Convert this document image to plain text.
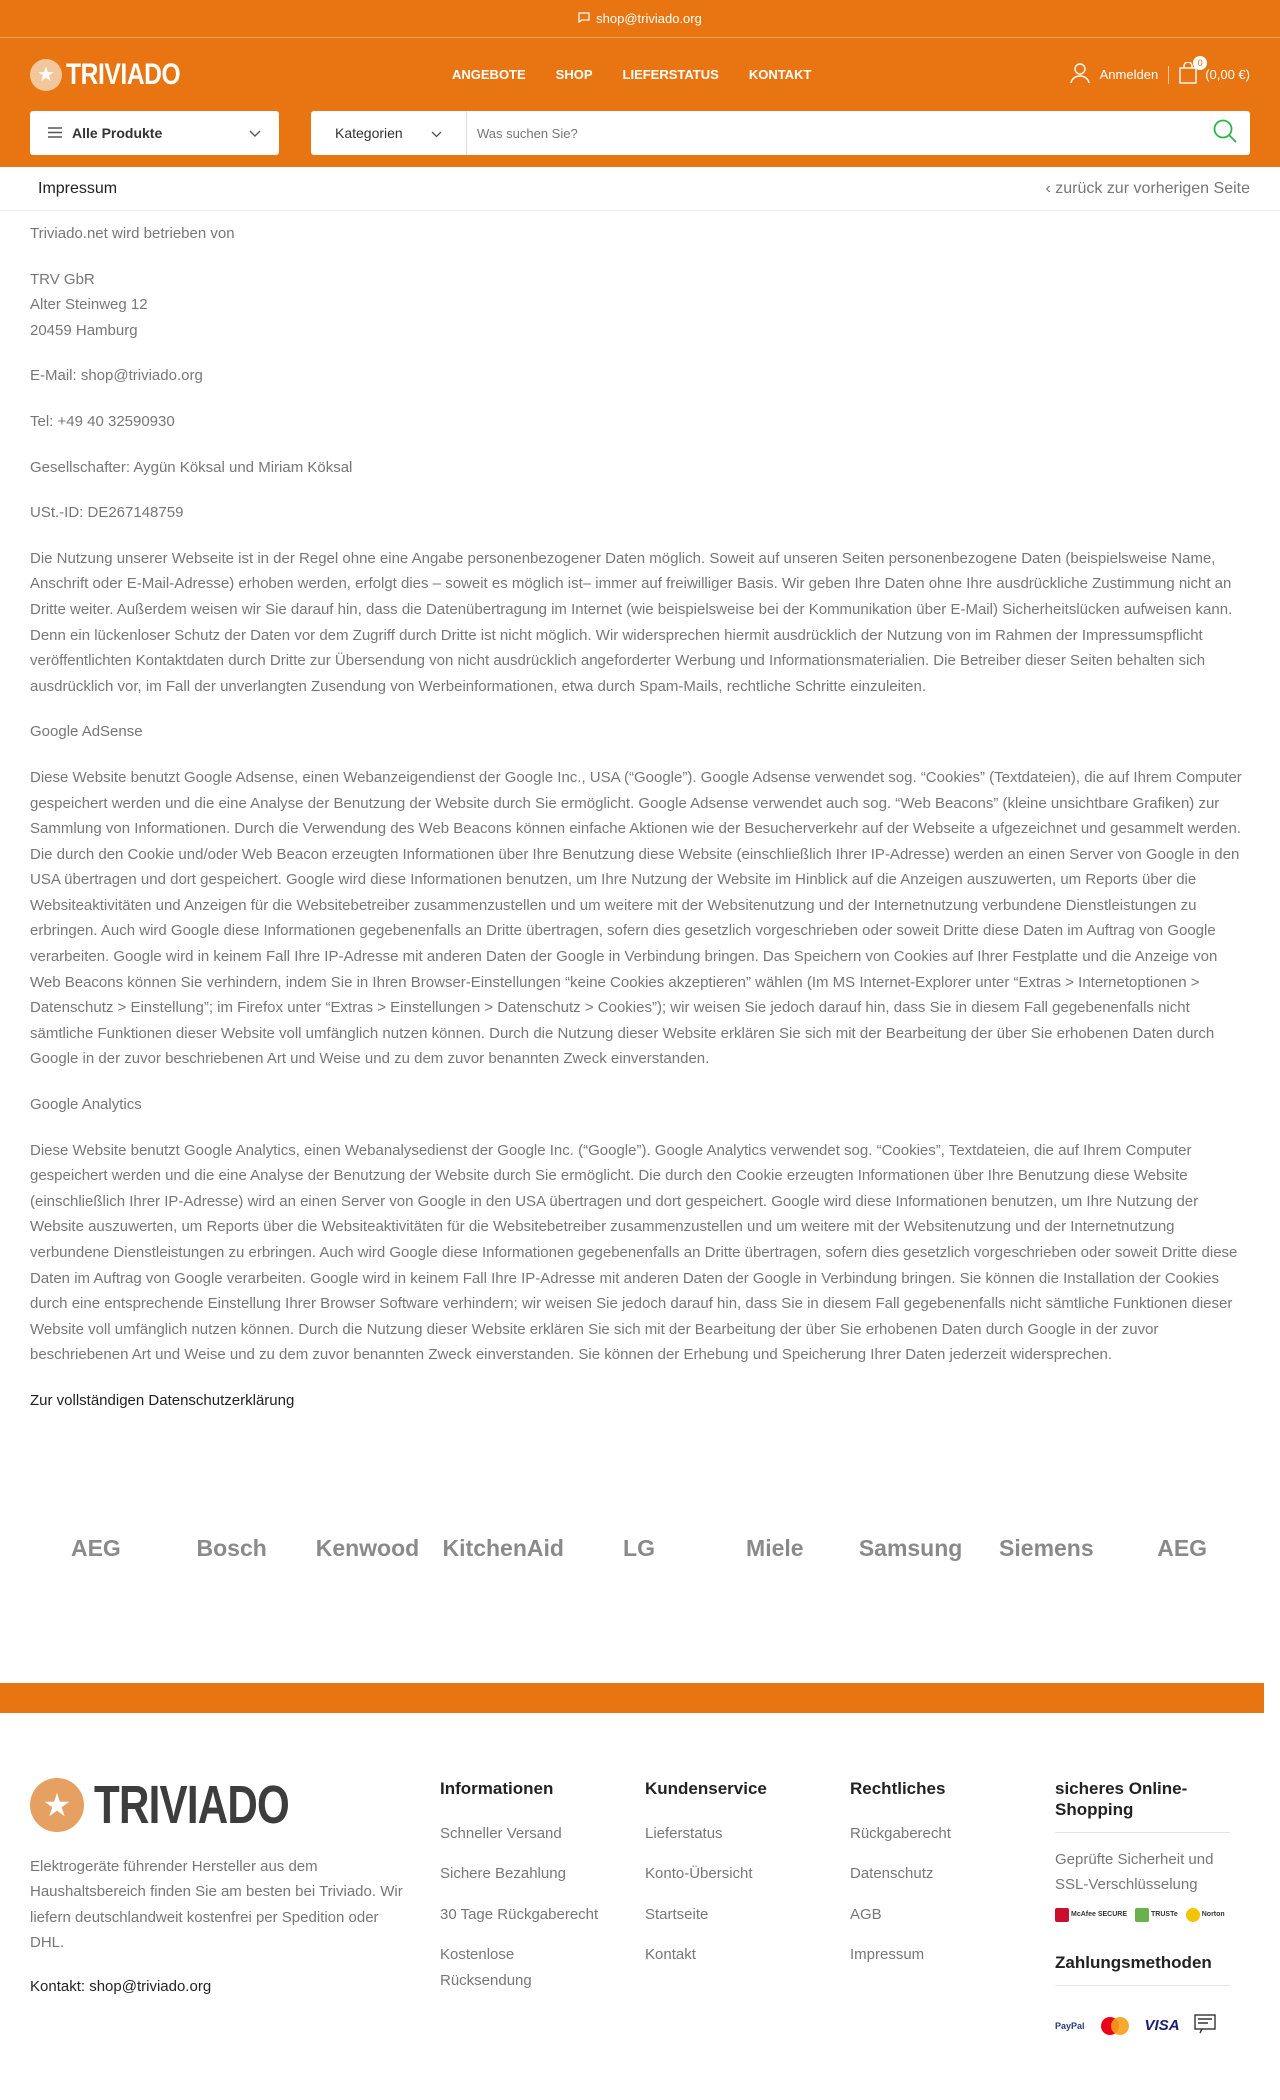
shop@triviado.org
★ TRIVIADO	ANGEBOTE SHOP LIEFERSTATUS KONTAKT	Anmelden
0
(0,00 €)
Alle Produkte	Kategorien
Was suchen Sie?
Impressum	‹ zurück zur vorherigen Seite

Triviado.net wird betrieben von

TRV GbR
Alter Steinweg 12
20459 Hamburg

E-Mail: shop@triviado.org

Tel: +49 40 32590930

Gesellschafter: Aygün Köksal und Miriam Köksal

USt.-ID: DE267148759

Die Nutzung unserer Webseite ist in der Regel ohne eine Angabe personenbezogener Daten möglich. Soweit auf unseren Seiten personenbezogene Daten (beispielsweise Name, Anschrift oder E-Mail-Adresse) erhoben werden, erfolgt dies – soweit es möglich ist– immer auf freiwilliger Basis. Wir geben Ihre Daten ohne Ihre ausdrückliche Zustimmung nicht an Dritte weiter. Außerdem weisen wir Sie darauf hin, dass die Datenübertragung im Internet (wie beispielsweise bei der Kommunikation über E-Mail) Sicherheitslücken aufweisen kann. Denn ein lückenloser Schutz der Daten vor dem Zugriff durch Dritte ist nicht möglich. Wir widersprechen hiermit ausdrücklich der Nutzung von im Rahmen der Impressumspflicht veröffentlichten Kontaktdaten durch Dritte zur Übersendung von nicht ausdrücklich angeforderter Werbung und Informationsmaterialien. Die Betreiber dieser Seiten behalten sich ausdrücklich vor, im Fall der unverlangten Zusendung von Werbeinformationen, etwa durch Spam-Mails, rechtliche Schritte einzuleiten.

Google AdSense

Diese Website benutzt Google Adsense, einen Webanzeigendienst der Google Inc., USA (“Google”). Google Adsense verwendet sog. “Cookies” (Textdateien), die auf Ihrem Computer gespeichert werden und die eine Analyse der Benutzung der Website durch Sie ermöglicht. Google Adsense verwendet auch sog. “Web Beacons” (kleine unsichtbare Grafiken) zur Sammlung von Informationen. Durch die Verwendung des Web Beacons können einfache Aktionen wie der Besucherverkehr auf der Webseite a ufgezeichnet und gesammelt werden. Die durch den Cookie und/oder Web Beacon erzeugten Informationen über Ihre Benutzung diese Website (einschließlich Ihrer IP-Adresse) werden an einen Server von Google in den USA übertragen und dort gespeichert. Google wird diese Informationen benutzen, um Ihre Nutzung der Website im Hinblick auf die Anzeigen auszuwerten, um Reports über die Websiteaktivitäten und Anzeigen für die Websitebetreiber zusammenzustellen und um weitere mit der Websitenutzung und der Internetnutzung verbundene Dienstleistungen zu erbringen. Auch wird Google diese Informationen gegebenenfalls an Dritte übertragen, sofern dies gesetzlich vorgeschrieben oder soweit Dritte diese Daten im Auftrag von Google verarbeiten. Google wird in keinem Fall Ihre IP-Adresse mit anderen Daten der Google in Verbindung bringen. Das Speichern von Cookies auf Ihrer Festplatte und die Anzeige von Web Beacons können Sie verhindern, indem Sie in Ihren Browser-Einstellungen “keine Cookies akzeptieren” wählen (Im MS Internet-Explorer unter “Extras > Internetoptionen > Datenschutz > Einstellung”; im Firefox unter “Extras > Einstellungen > Datenschutz > Cookies”); wir weisen Sie jedoch darauf hin, dass Sie in diesem Fall gegebenenfalls nicht sämtliche Funktionen dieser Website voll umfänglich nutzen können. Durch die Nutzung dieser Website erklären Sie sich mit der Bearbeitung der über Sie erhobenen Daten durch Google in der zuvor beschriebenen Art und Weise und zu dem zuvor benannten Zweck einverstanden.

Google Analytics

Diese Website benutzt Google Analytics, einen Webanalysedienst der Google Inc. (“Google”). Google Analytics verwendet sog. “Cookies”, Textdateien, die auf Ihrem Computer gespeichert werden und die eine Analyse der Benutzung der Website durch Sie ermöglicht. Die durch den Cookie erzeugten Informationen über Ihre Benutzung diese Website (einschließlich Ihrer IP-Adresse) wird an einen Server von Google in den USA übertragen und dort gespeichert. Google wird diese Informationen benutzen, um Ihre Nutzung der Website auszuwerten, um Reports über die Websiteaktivitäten für die Websitebetreiber zusammenzustellen und um weitere mit der Websitenutzung und der Internetnutzung verbundene Dienstleistungen zu erbringen. Auch wird Google diese Informationen gegebenenfalls an Dritte übertragen, sofern dies gesetzlich vorgeschrieben oder soweit Dritte diese Daten im Auftrag von Google verarbeiten. Google wird in keinem Fall Ihre IP-Adresse mit anderen Daten der Google in Verbindung bringen. Sie können die Installation der Cookies durch eine entsprechende Einstellung Ihrer Browser Software verhindern; wir weisen Sie jedoch darauf hin, dass Sie in diesem Fall gegebenenfalls nicht sämtliche Funktionen dieser Website voll umfänglich nutzen können. Durch die Nutzung dieser Website erklären Sie sich mit der Bearbeitung der über Sie erhobenen Daten durch Google in der zuvor beschriebenen Art und Weise und zu dem zuvor benannten Zweck einverstanden. Sie können der Erhebung und Speicherung Ihrer Daten jederzeit widersprechen.

Zur vollständigen Datenschutzerklärung

AEG	Bosch	Kenwood	KitchenAid	LG	Miele	Samsung	Siemens	AEG
★ TRIVIADO
Elektrogeräte führender Hersteller aus dem Haushaltsbereich finden Sie am besten bei Triviado. Wir liefern deutschlandweit kostenfrei per Spedition oder DHL.
Kontakt: shop@triviado.org
Informationen
Schneller Versand
Sichere Bezahlung
30 Tage Rückgaberecht
Kostenlose Rücksendung
Kundenservice
Lieferstatus
Konto-Übersicht
Startseite
Kontakt
Rechtliches
Rückgaberecht
Datenschutz
AGB
Impressum
sicheres Online-Shopping
Geprüfte Sicherheit und SSL-Verschlüsselung
McAfee SECURE	TRUSTe	Norton
Zahlungsmethoden
PayPal	VISA
